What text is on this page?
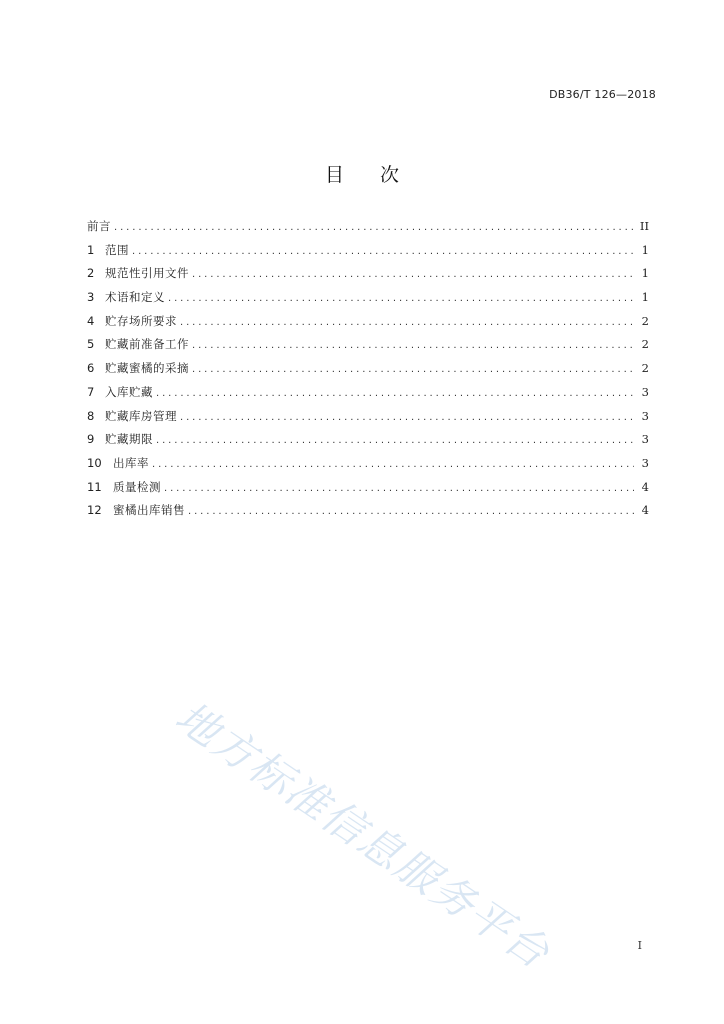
DB36/T 126—2018
目 次
前言 .....	II
1 范围 .....	1
2 规范性引用文件 .....	1
3 术语和定义 .....	1
4 贮存场所要求 .....	2
5 贮藏前准备工作 .....	2
6 贮藏蜜橘的采摘 .....	2
7 入库贮藏 .....	3
8 贮藏库房管理 .....	3
9 贮藏期限 .....	3
10 出库率 .....	3
11 质量检测 .....	4
12 蜜橘出库销售 .....	4
地方标准信息服务平台	I
